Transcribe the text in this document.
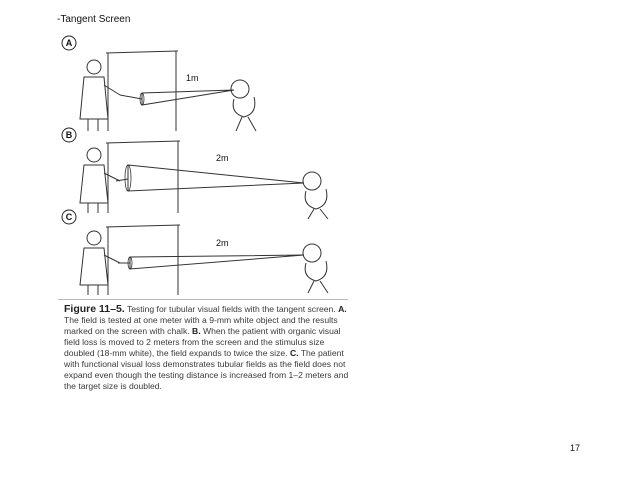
-Tangent Screen
A
1m
B
2m
C
2m
Figure 11–5. Testing for tubular visual fields with the tangent screen. A. The field is tested at one meter with a 9-mm white object and the results marked on the screen with chalk. B. When the patient with organic visual field loss is moved to 2 meters from the screen and the stimulus size doubled (18-mm white), the field expands to twice the size. C. The patient with functional visual loss demonstrates tubular fields as the field does not expand even though the testing distance is increased from 1–2 meters and the target size is doubled.
17
